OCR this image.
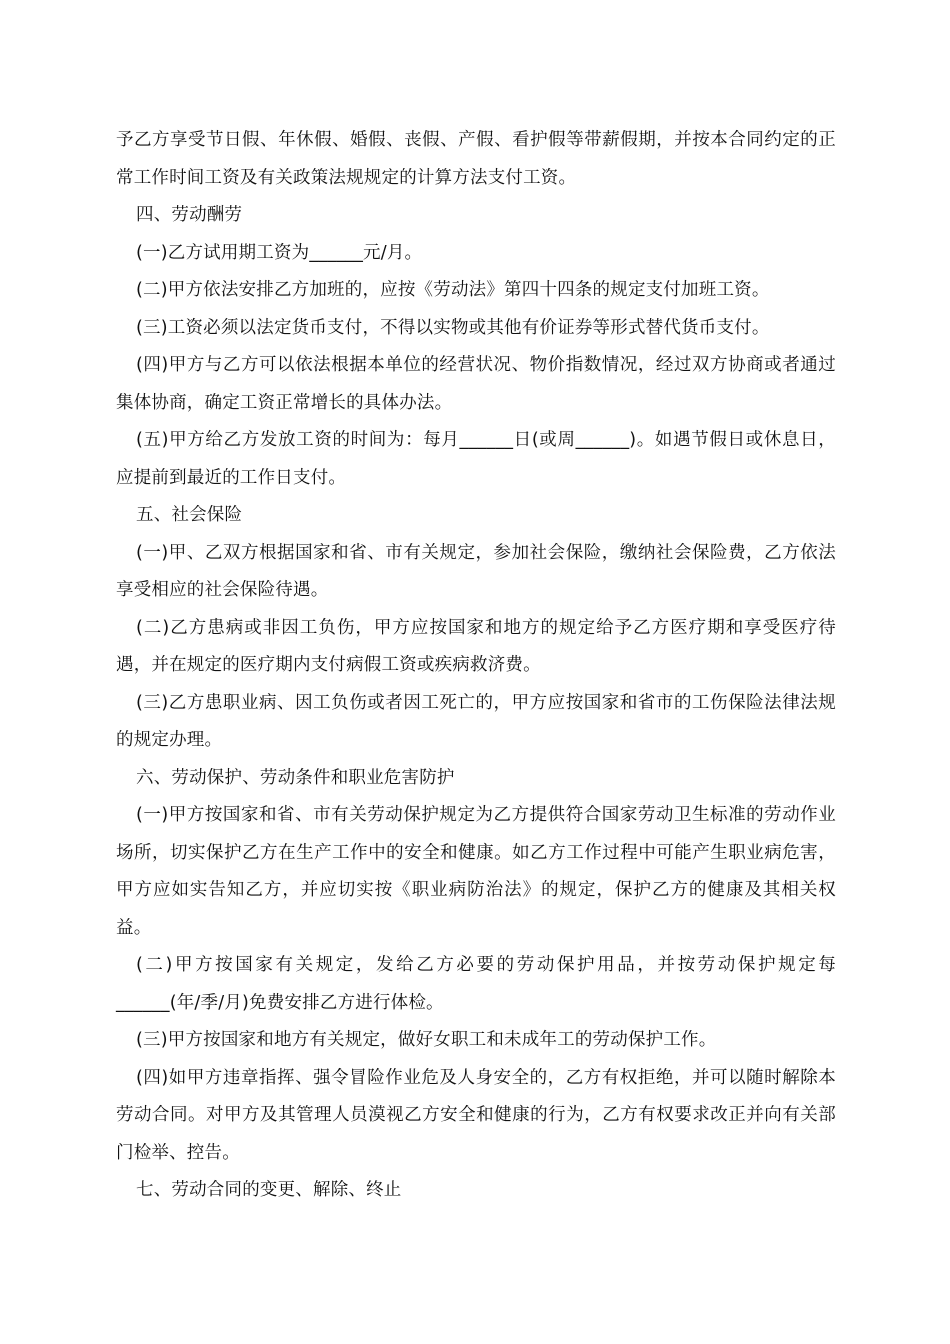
予乙方享受节日假、年休假、婚假、丧假、产假、看护假等带薪假期，并按本合同约定的正常工作时间工资及有关政策法规规定的计算方法支付工资。

四、劳动酬劳

(一)乙方试用期工资为______元/月。

(二)甲方依法安排乙方加班的，应按《劳动法》第四十四条的规定支付加班工资。

(三)工资必须以法定货币支付，不得以实物或其他有价证券等形式替代货币支付。

(四)甲方与乙方可以依法根据本单位的经营状况、物价指数情况，经过双方协商或者通过集体协商，确定工资正常增长的具体办法。

(五)甲方给乙方发放工资的时间为：每月______日(或周______)。如遇节假日或休息日，应提前到最近的工作日支付。

五、社会保险

(一)甲、乙双方根据国家和省、市有关规定，参加社会保险，缴纳社会保险费，乙方依法享受相应的社会保险待遇。

(二)乙方患病或非因工负伤，甲方应按国家和地方的规定给予乙方医疗期和享受医疗待遇，并在规定的医疗期内支付病假工资或疾病救济费。

(三)乙方患职业病、因工负伤或者因工死亡的，甲方应按国家和省市的工伤保险法律法规的规定办理。

六、劳动保护、劳动条件和职业危害防护

(一)甲方按国家和省、市有关劳动保护规定为乙方提供符合国家劳动卫生标准的劳动作业场所，切实保护乙方在生产工作中的安全和健康。如乙方工作过程中可能产生职业病危害，甲方应如实告知乙方，并应切实按《职业病防治法》的规定，保护乙方的健康及其相关权益。

(二)甲方按国家有关规定，发给乙方必要的劳动保护用品，并按劳动保护规定每______(年/季/月)免费安排乙方进行体检。

(三)甲方按国家和地方有关规定，做好女职工和未成年工的劳动保护工作。

(四)如甲方违章指挥、强令冒险作业危及人身安全的，乙方有权拒绝，并可以随时解除本劳动合同。对甲方及其管理人员漠视乙方安全和健康的行为，乙方有权要求改正并向有关部门检举、控告。

七、劳动合同的变更、解除、终止
